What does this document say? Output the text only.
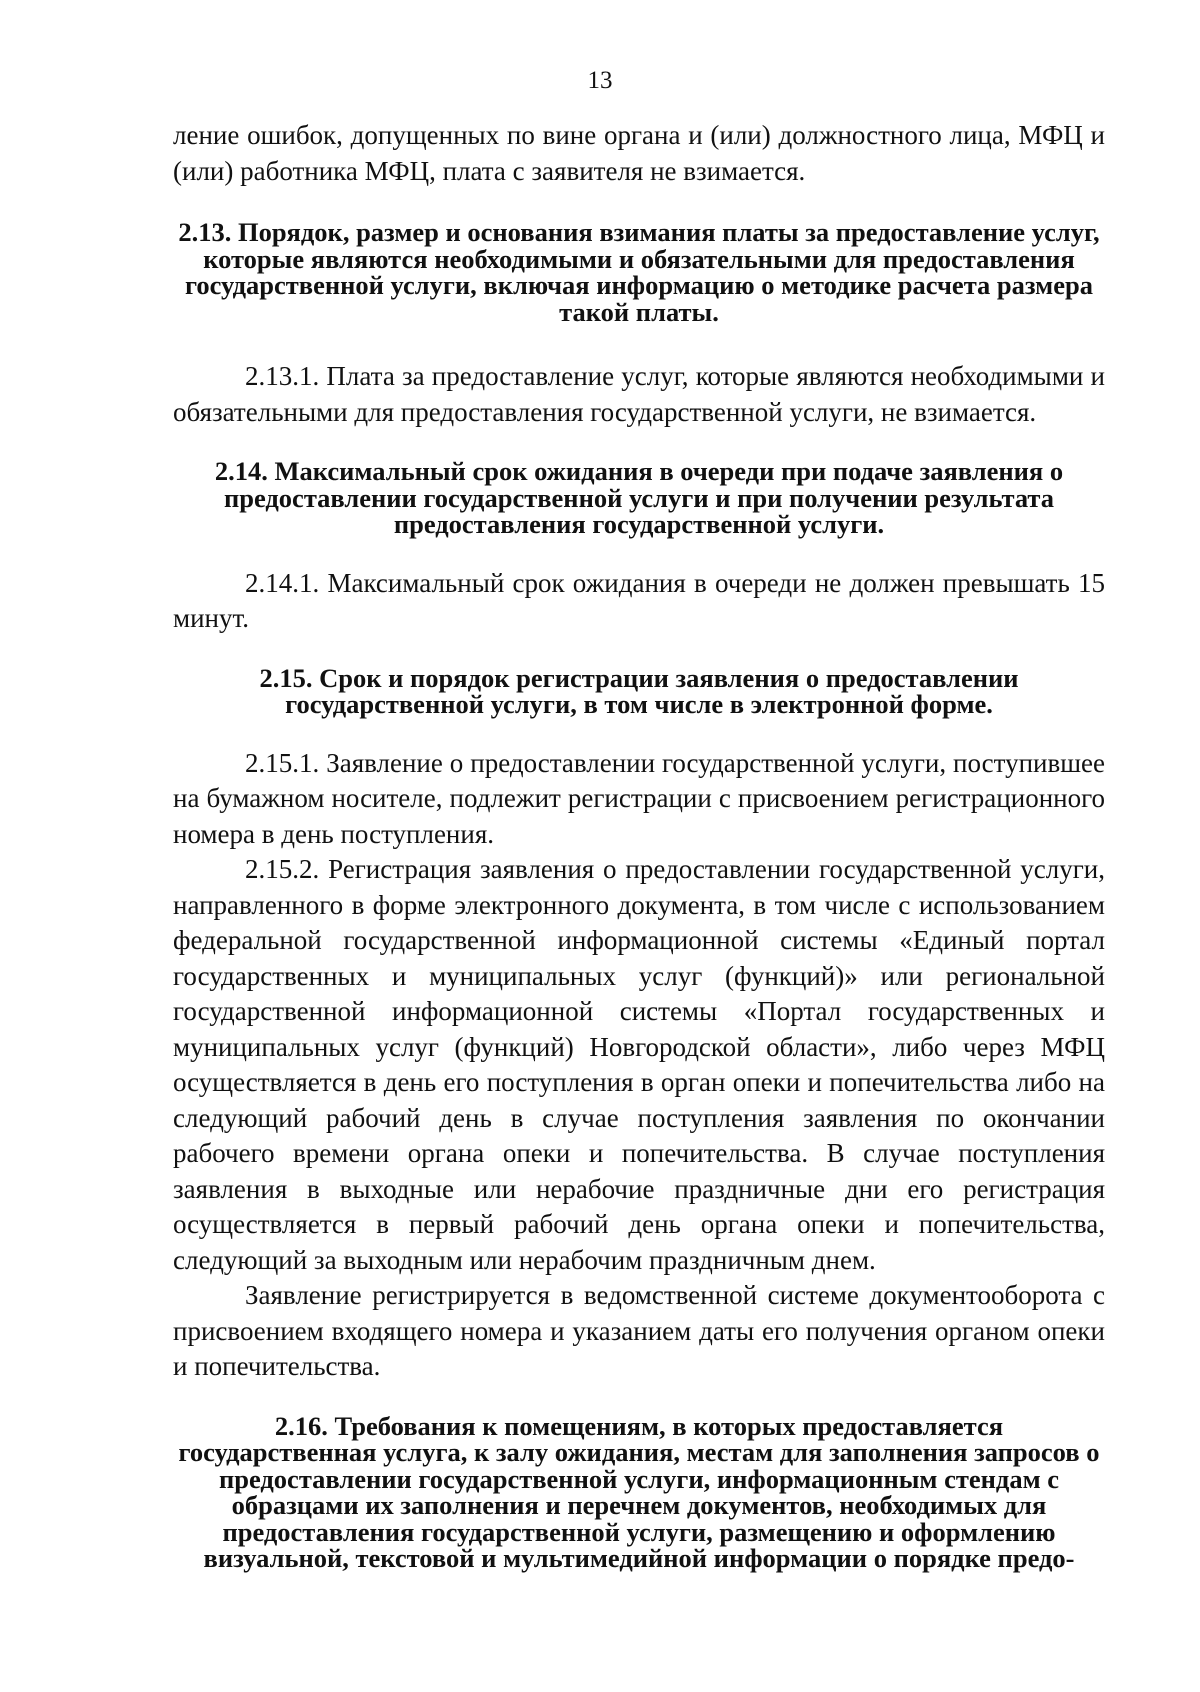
13

ление ошибок, допущенных по вине органа и (или) должностного лица, МФЦ и (или) работника МФЦ, плата с заявителя не взимается.

2.13. Порядок, размер и основания взимания платы за предоставление услуг, которые являются необходимыми и обязательными для предоставления государственной услуги, включая информацию о методике расчета размера такой платы.

2.13.1. Плата за предоставление услуг, которые являются необходимыми и обязательными для предоставления государственной услуги, не взимается.

2.14. Максимальный срок ожидания в очереди при подаче заявления о предоставлении государственной услуги и при получении результата предоставления государственной услуги.

2.14.1. Максимальный срок ожидания в очереди не должен превышать 15 минут.

2.15. Срок и порядок регистрации заявления о предоставлении государственной услуги, в том числе в электронной форме.

2.15.1. Заявление о предоставлении государственной услуги, поступившее на бумажном носителе, подлежит регистрации с присвоением регистрационного номера в день поступления.

2.15.2. Регистрация заявления о предоставлении государственной услуги, направленного в форме электронного документа, в том числе с использованием федеральной государственной информационной системы «Единый портал государственных и муниципальных услуг (функций)» или региональной государственной информационной системы «Портал государственных и муниципальных услуг (функций) Новгородской области», либо через МФЦ осуществляется в день его поступления в орган опеки и попечительства либо на следующий рабочий день в случае поступления заявления по окончании рабочего времени органа опеки и попечительства. В случае поступления заявления в выходные или нерабочие праздничные дни его регистрация осуществляется в первый рабочий день органа опеки и попечительства, следующий за выходным или нерабочим праздничным днем.

Заявление регистрируется в ведомственной системе документооборота с присвоением входящего номера и указанием даты его получения органом опеки и попечительства.

2.16. Требования к помещениям, в которых предоставляется государственная услуга, к залу ожидания, местам для заполнения запросов о предоставлении государственной услуги, информационным стендам с образцами их заполнения и перечнем документов, необходимых для предоставления государственной услуги, размещению и оформлению визуальной, текстовой и мультимедийной информации о порядке предо-
